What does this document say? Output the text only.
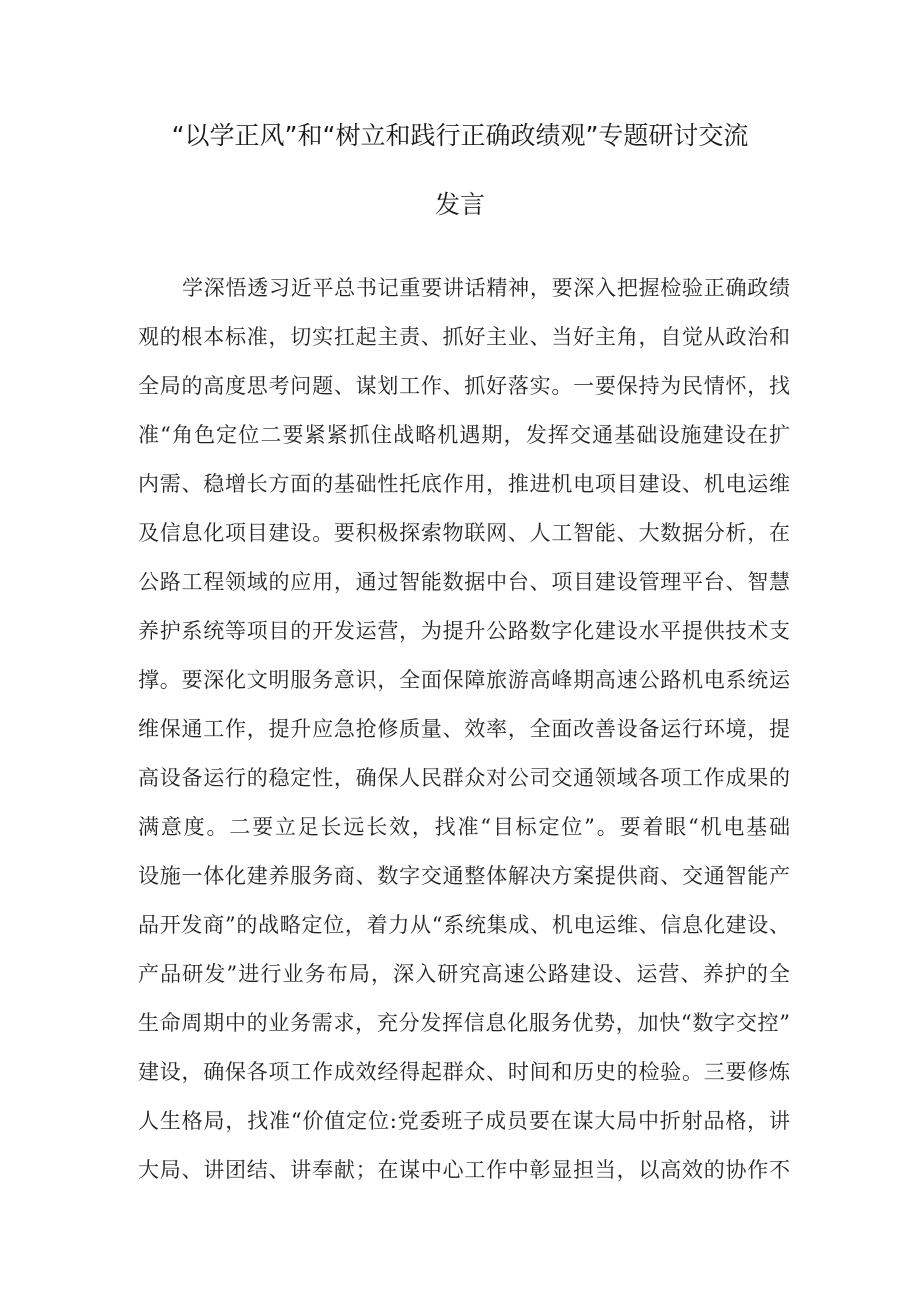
“以学正风”和“树立和践行正确政绩观”专题研讨交流
发言
学深悟透习近平总书记重要讲话精神，要深入把握检验正确政绩
观的根本标准，切实扛起主责、抓好主业、当好主角，自觉从政治和
全局的高度思考问题、谋划工作、抓好落实。一要保持为民情怀，找
准“角色定位二要紧紧抓住战略机遇期，发挥交通基础设施建设在扩
内需、稳增长方面的基础性托底作用，推进机电项目建设、机电运维
及信息化项目建设。要积极探索物联网、人工智能、大数据分析，在
公路工程领域的应用，通过智能数据中台、项目建设管理平台、智慧
养护系统等项目的开发运营，为提升公路数字化建设水平提供技术支
撑。要深化文明服务意识，全面保障旅游高峰期高速公路机电系统运
维保通工作，提升应急抢修质量、效率，全面改善设备运行环境，提
高设备运行的稳定性，确保人民群众对公司交通领域各项工作成果的
满意度。二要立足长远长效，找准“目标定位”。要着眼“机电基础
设施一体化建养服务商、数字交通整体解决方案提供商、交通智能产
品开发商”的战略定位，着力从“系统集成、机电运维、信息化建设、
产品研发”进行业务布局，深入研究高速公路建设、运营、养护的全
生命周期中的业务需求，充分发挥信息化服务优势，加快“数字交控”
建设，确保各项工作成效经得起群众、时间和历史的检验。三要修炼
人生格局，找准“价值定位:党委班子成员要在谋大局中折射品格，讲
大局、讲团结、讲奉献；在谋中心工作中彰显担当，以高效的协作不
